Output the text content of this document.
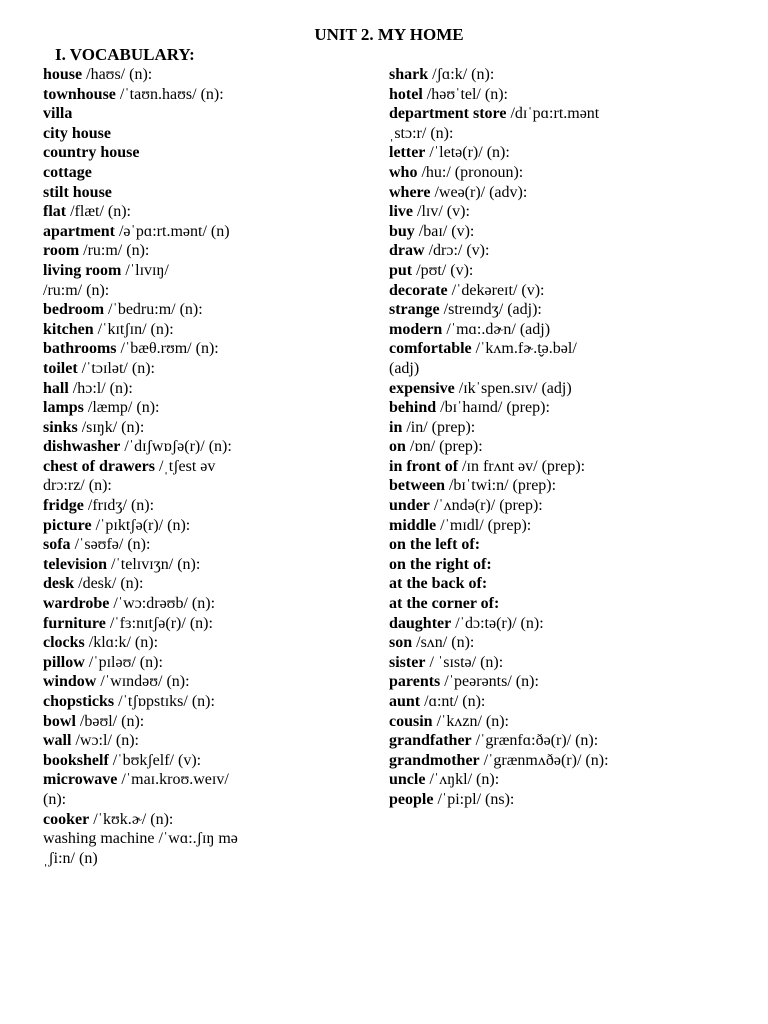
UNIT 2. MY HOME
I. VOCABULARY:
house /haʊs/ (n):
townhouse /ˈtaʊn.haʊs/ (n):
villa
city house
country house
cottage
stilt house
flat /flæt/ (n):
apartment /əˈpɑ:rt.mənt/ (n)
room /ru:m/ (n):
living room /ˈlɪvɪŋ/
/ru:m/ (n):
bedroom /ˈbedru:m/ (n):
kitchen /ˈkɪtʃɪn/ (n):
bathrooms /ˈbæθ.rʊm/ (n):
toilet /ˈtɔɪlət/ (n):
hall /hɔ:l/ (n):
lamps /læmp/ (n):
sinks /sɪŋk/ (n):
dishwasher /ˈdɪʃwɒʃə(r)/ (n):
chest of drawers /ˌtʃest əv
drɔ:rz/ (n):
fridge /frɪdʒ/ (n):
picture /ˈpɪktʃə(r)/ (n):
sofa /ˈsəʊfə/ (n):
television /ˈtelɪvɪʒn/ (n):
desk /desk/ (n):
wardrobe /ˈwɔ:drəʊb/ (n):
furniture /ˈfɜ:nɪtʃə(r)/ (n):
clocks /klɑ:k/ (n):
pillow /ˈpɪləʊ/ (n):
window /ˈwɪndəʊ/ (n):
chopsticks /ˈtʃɒpstɪks/ (n):
bowl /bəʊl/ (n):
wall /wɔ:l/ (n):
bookshelf /ˈbʊkʃelf/ (v):
microwave /ˈmaɪ.kroʊ.weɪv/
(n):
cooker /ˈkʊk.ɚ/ (n):
washing machine /ˈwɑ:.ʃɪŋ mə
ˌʃi:n/ (n)
shark /ʃɑ:k/ (n):
hotel /həʊˈtel/ (n):
department store /dɪˈpɑ:rt.mənt
ˌstɔ:r/ (n):
letter /ˈletə(r)/ (n):
who /hu:/ (pronoun):
where /weə(r)/ (adv):
live /lɪv/ (v):
buy /baɪ/ (v):
draw /drɔ:/ (v):
put /pʊt/ (v):
decorate /ˈdekəreɪt/ (v):
strange /streɪndʒ/ (adj):
modern /ˈmɑ:.dɚn/ (adj)
comfortable /ˈkʌm.fɚ.t̬ə.bəl/
(adj)
expensive /ɪkˈspen.sɪv/ (adj)
behind /bɪˈhaɪnd/ (prep):
in /in/ (prep):
on /ɒn/ (prep):
in front of /ɪn frʌnt əv/ (prep):
between /bɪˈtwi:n/ (prep):
under /ˈʌndə(r)/ (prep):
middle /ˈmɪdl/ (prep):
on the left of:
on the right of:
at the back of:
at the corner of:
daughter /ˈdɔ:tə(r)/ (n):
son /sʌn/ (n):
sister / ˈsɪstə/ (n):
parents /ˈpeərənts/ (n):
aunt /ɑ:nt/ (n):
cousin /ˈkʌzn/ (n):
grandfather /ˈgrænfɑ:ðə(r)/ (n):
grandmother /ˈgrænmʌðə(r)/ (n):
uncle /ˈʌŋkl/ (n):
people /ˈpi:pl/ (ns):
